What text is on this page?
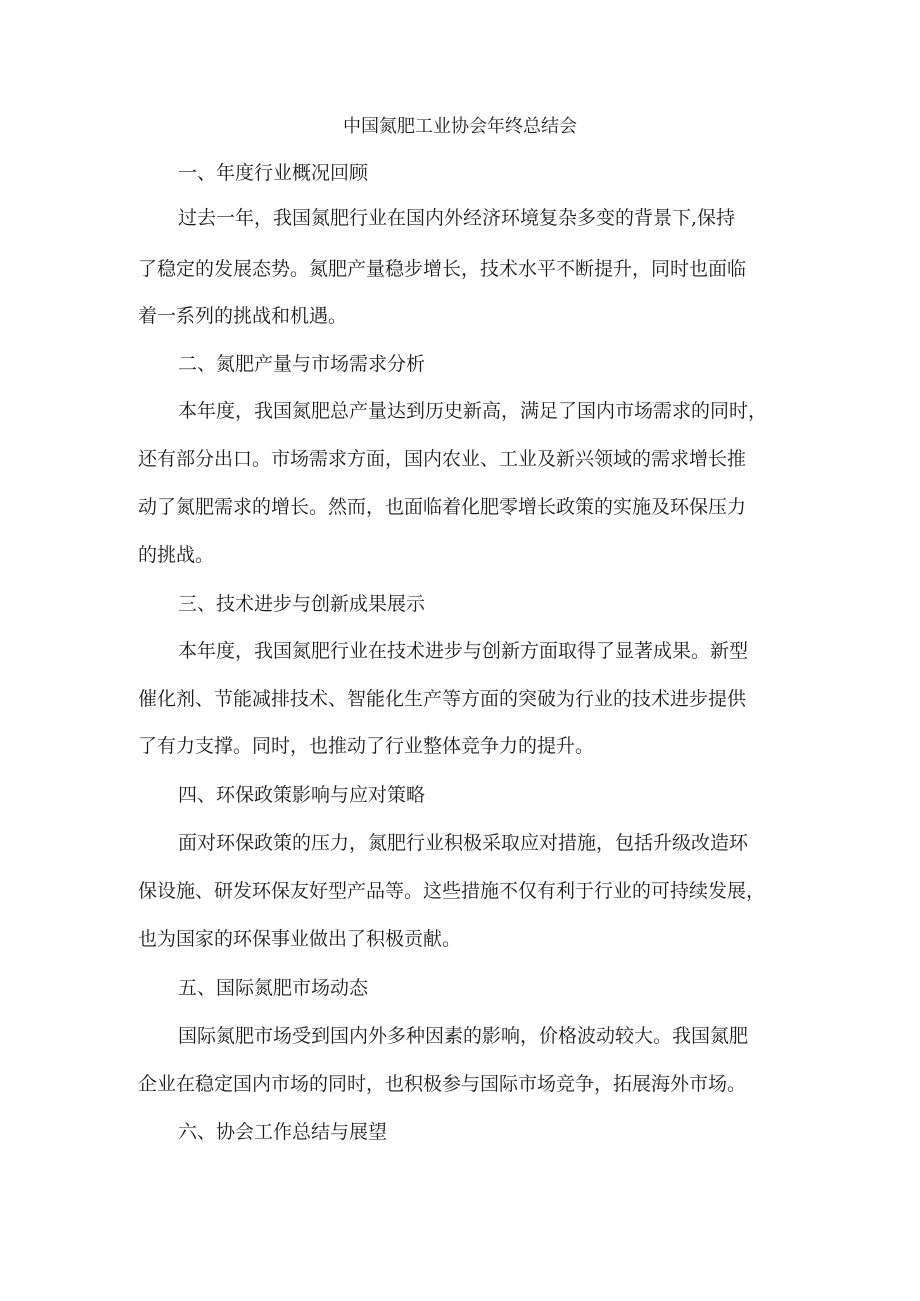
中国氮肥工业协会年终总结会

一、年度行业概况回顾

过去一年，我国氮肥行业在国内外经济环境复杂多变的背景下,保持

了稳定的发展态势。氮肥产量稳步增长，技术水平不断提升，同时也面临

着一系列的挑战和机遇。

二、氮肥产量与市场需求分析

本年度，我国氮肥总产量达到历史新高，满足了国内市场需求的同时，

还有部分出口。市场需求方面，国内农业、工业及新兴领域的需求增长推

动了氮肥需求的增长。然而，也面临着化肥零增长政策的实施及环保压力

的挑战。

三、技术进步与创新成果展示

本年度，我国氮肥行业在技术进步与创新方面取得了显著成果。新型

催化剂、节能减排技术、智能化生产等方面的突破为行业的技术进步提供

了有力支撑。同时，也推动了行业整体竞争力的提升。

四、环保政策影响与应对策略

面对环保政策的压力，氮肥行业积极采取应对措施，包括升级改造环

保设施、研发环保友好型产品等。这些措施不仅有利于行业的可持续发展，

也为国家的环保事业做出了积极贡献。

五、国际氮肥市场动态

国际氮肥市场受到国内外多种因素的影响，价格波动较大。我国氮肥

企业在稳定国内市场的同时，也积极参与国际市场竞争，拓展海外市场。

六、协会工作总结与展望
